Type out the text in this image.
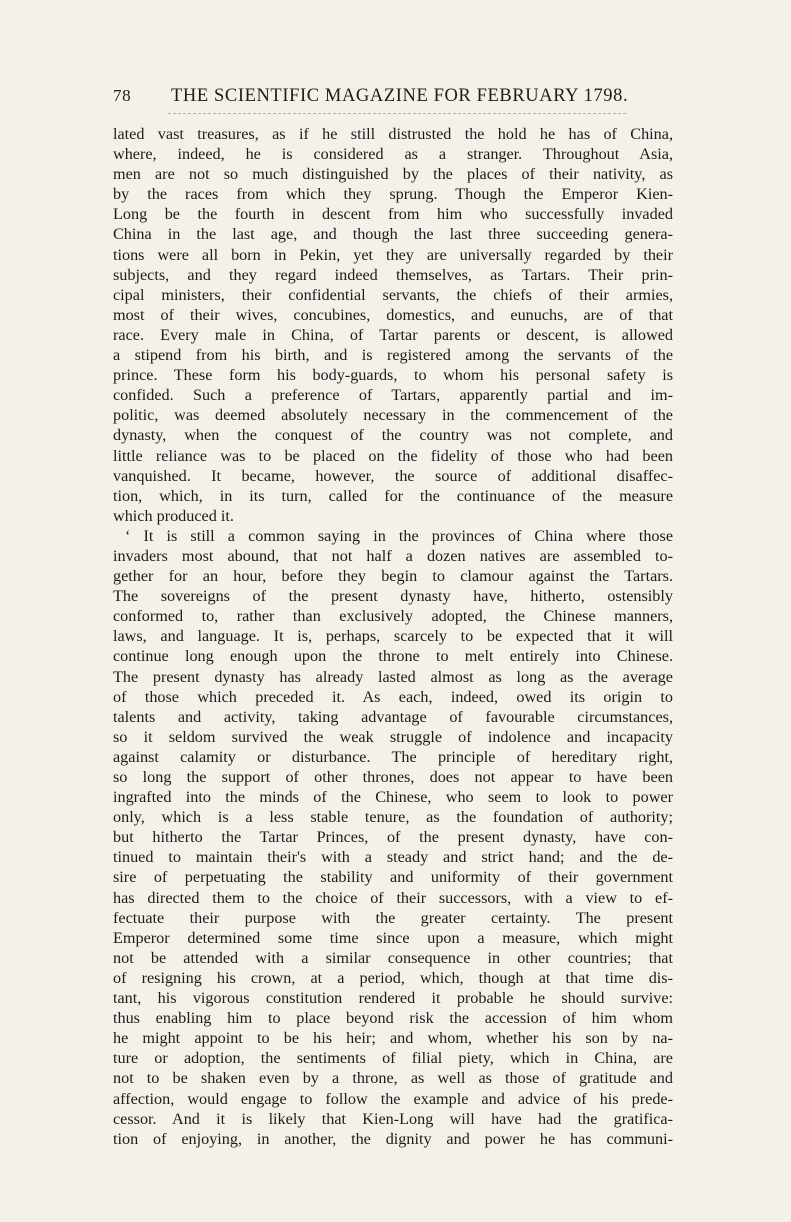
78 THE SCIENTIFIC MAGAZINE FOR FEBRUARY 1798.
lated vast treasures, as if he still distrusted the hold he has of China,
where, indeed, he is considered as a stranger. Throughout Asia,
men are not so much distinguished by the places of their nativity, as
by the races from which they sprung. Though the Emperor Kien-
Long be the fourth in descent from him who successfully invaded
China in the last age, and though the last three succeeding genera-
tions were all born in Pekin, yet they are universally regarded by their
subjects, and they regard indeed themselves, as Tartars. Their prin-
cipal ministers, their confidential servants, the chiefs of their armies,
most of their wives, concubines, domestics, and eunuchs, are of that
race. Every male in China, of Tartar parents or descent, is allowed
a stipend from his birth, and is registered among the servants of the
prince. These form his body-guards, to whom his personal safety is
confided. Such a preference of Tartars, apparently partial and im-
politic, was deemed absolutely necessary in the commencement of the
dynasty, when the conquest of the country was not complete, and
little reliance was to be placed on the fidelity of those who had been
vanquished. It became, however, the source of additional disaffec-
tion, which, in its turn, called for the continuance of the measure
which produced it.
‘ It is still a common saying in the provinces of China where those
invaders most abound, that not half a dozen natives are assembled to-
gether for an hour, before they begin to clamour against the Tartars.
The sovereigns of the present dynasty have, hitherto, ostensibly
conformed to, rather than exclusively adopted, the Chinese manners,
laws, and language. It is, perhaps, scarcely to be expected that it will
continue long enough upon the throne to melt entirely into Chinese.
The present dynasty has already lasted almost as long as the average
of those which preceded it. As each, indeed, owed its origin to
talents and activity, taking advantage of favourable circumstances,
so it seldom survived the weak struggle of indolence and incapacity
against calamity or disturbance. The principle of hereditary right,
so long the support of other thrones, does not appear to have been
ingrafted into the minds of the Chinese, who seem to look to power
only, which is a less stable tenure, as the foundation of authority;
but hitherto the Tartar Princes, of the present dynasty, have con-
tinued to maintain their's with a steady and strict hand; and the de-
sire of perpetuating the stability and uniformity of their government
has directed them to the choice of their successors, with a view to ef-
fectuate their purpose with the greater certainty. The present
Emperor determined some time since upon a measure, which might
not be attended with a similar consequence in other countries; that
of resigning his crown, at a period, which, though at that time dis-
tant, his vigorous constitution rendered it probable he should survive:
thus enabling him to place beyond risk the accession of him whom
he might appoint to be his heir; and whom, whether his son by na-
ture or adoption, the sentiments of filial piety, which in China, are
not to be shaken even by a throne, as well as those of gratitude and
affection, would engage to follow the example and advice of his prede-
cessor. And it is likely that Kien-Long will have had the gratifica-
tion of enjoying, in another, the dignity and power he has communi-
